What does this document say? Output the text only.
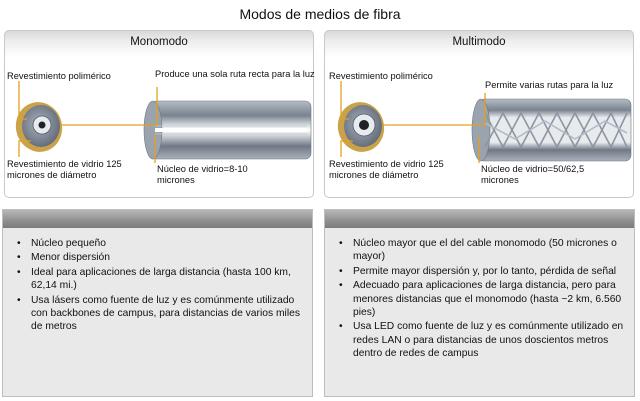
Modos de medios de fibra
Monomodo
Revestimiento polimérico	Produce una sola ruta recta para la luz
Revestimiento de vidrio 125 micrones de diámetro
Núcleo de vidrio=8-10 micrones
Multimodo
Revestimiento polimérico
Permite varias rutas para la luz
Revestimiento de vidrio 125 micrones de diámetro
Núcleo de vidrio=50/62,5 micrones
• Núcleo pequeño
• Menor dispersión
• Ideal para aplicaciones de larga distancia (hasta 100 km, 62,14 mi.)
• Usa lásers como fuente de luz y es comúnmente utilizado con backbones de campus, para distancias de varios miles de metros
• Núcleo mayor que el del cable monomodo (50 micrones o mayor)
• Permite mayor dispersión y, por lo tanto, pérdida de señal
• Adecuado para aplicaciones de larga distancia, pero para menores distancias que el monomodo (hasta ~2 km, 6.560 pies)
• Usa LED como fuente de luz y es comúnmente utilizado en redes LAN o para distancias de unos doscientos metros dentro de redes de campus
